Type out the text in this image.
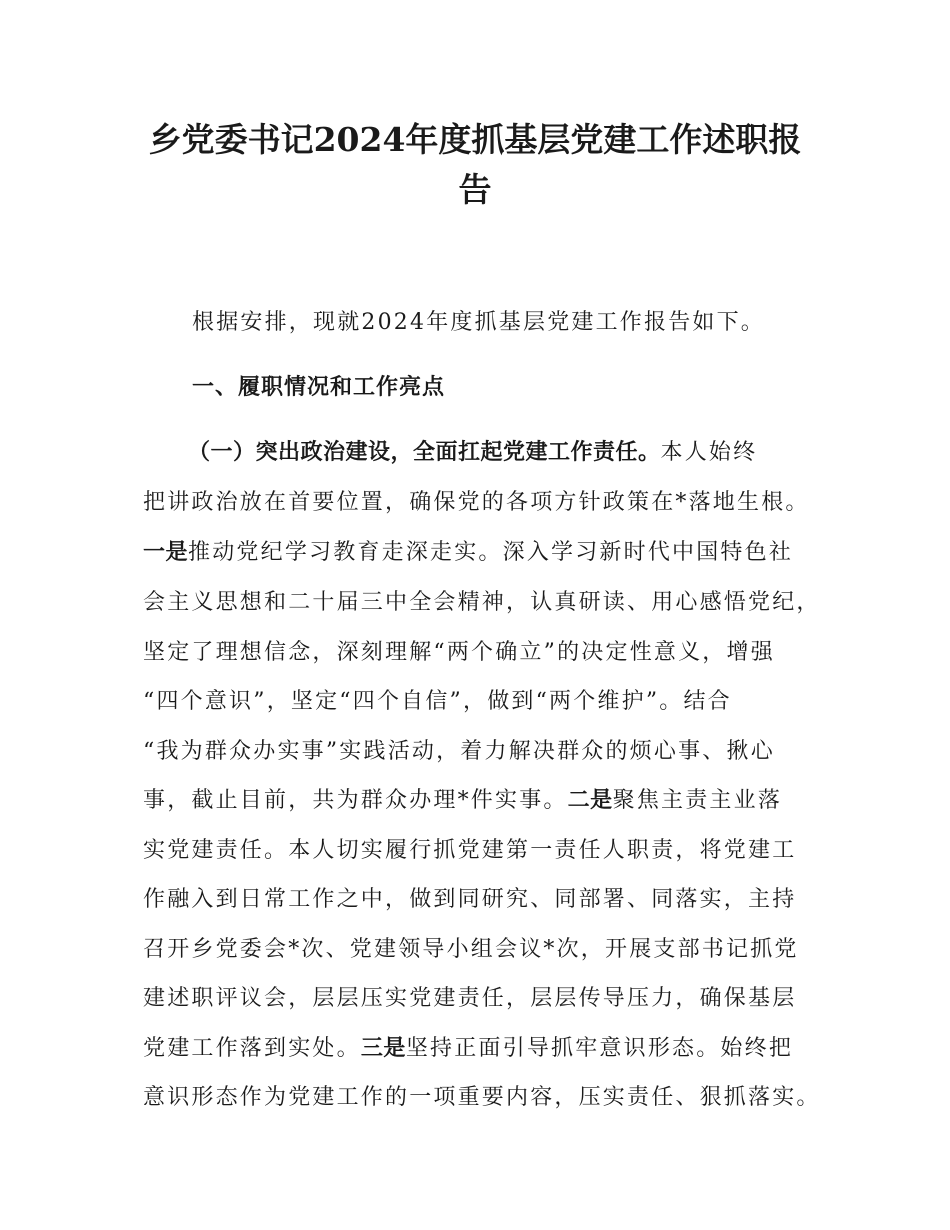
乡党委书记2024年度抓基层党建工作述职报
告

根据安排，现就2024年度抓基层党建工作报告如下。

一、履职情况和工作亮点

（一）突出政治建设，全面扛起党建工作责任。本人始终

把讲政治放在首要位置，确保党的各项方针政策在*落地生根。

一是推动党纪学习教育走深走实。深入学习新时代中国特色社

会主义思想和二十届三中全会精神，认真研读、用心感悟党纪，

坚定了理想信念，深刻理解“两个确立”的决定性意义，增强

“四个意识”，坚定“四个自信”，做到“两个维护”。结合

“我为群众办实事”实践活动，着力解决群众的烦心事、揪心

事，截止目前，共为群众办理*件实事。二是聚焦主责主业落

实党建责任。本人切实履行抓党建第一责任人职责，将党建工

作融入到日常工作之中，做到同研究、同部署、同落实，主持

召开乡党委会*次、党建领导小组会议*次，开展支部书记抓党

建述职评议会，层层压实党建责任，层层传导压力，确保基层

党建工作落到实处。三是坚持正面引导抓牢意识形态。始终把

意识形态作为党建工作的一项重要内容，压实责任、狠抓落实。
